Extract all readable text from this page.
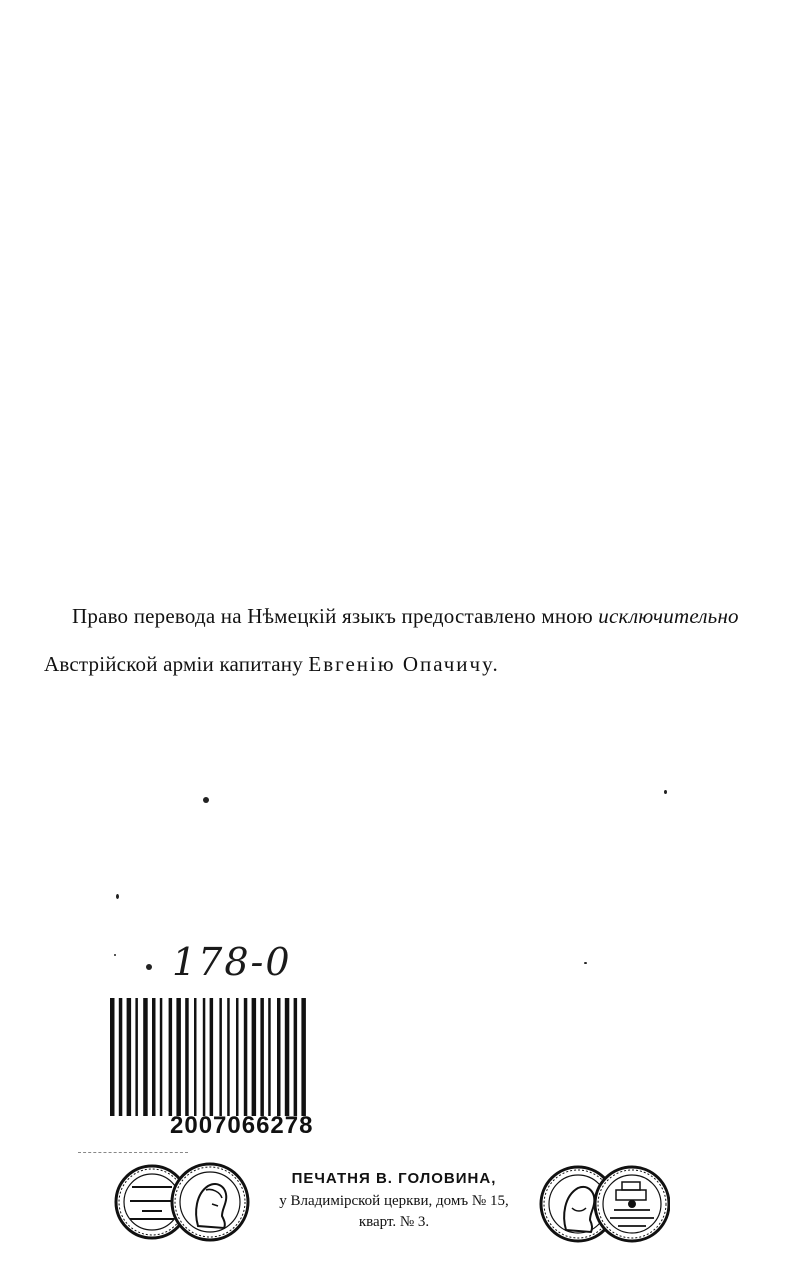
Право перевода на Нѣмецкій языкъ предоставлено мною исключительно
Австрійской арміи капитану Евгенію Опачичу.
178-0
2007066278
ПЕЧАТНЯ В. ГОЛОВИНА,
у Владимірской церкви, домъ № 15,
кварт. № 3.
